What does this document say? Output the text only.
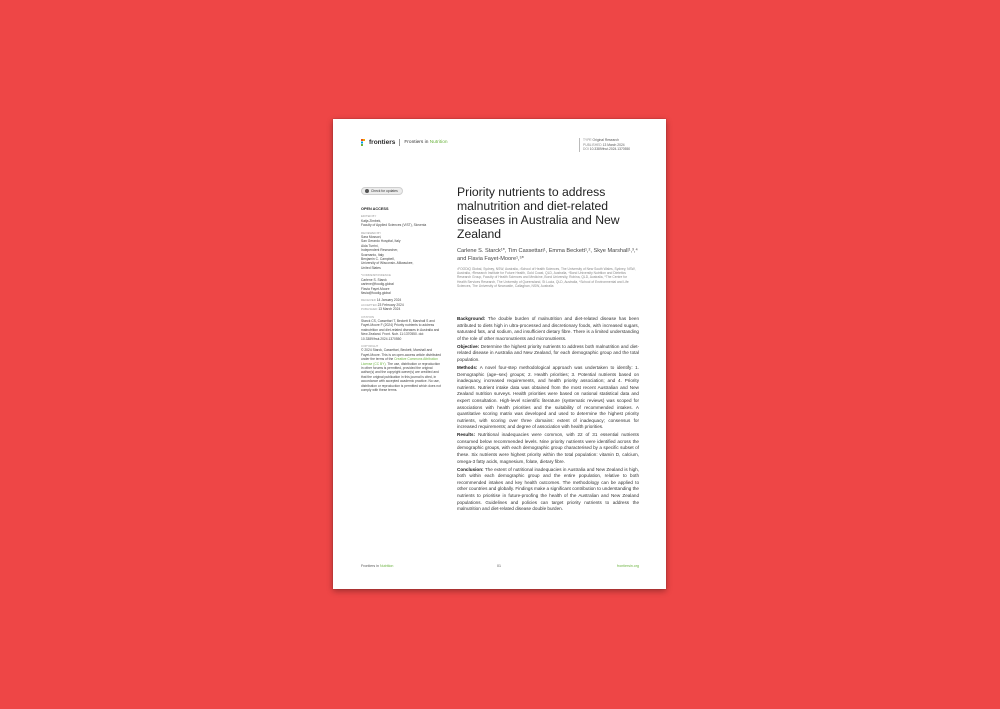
frontiers Frontiers in Nutrition	TYPE Original Research
PUBLISHED 13 March 2024
DOI 10.3389/fnut.2024.1370550
Check for updates
OPEN ACCESS
EDITED BY
Katja Zimbek,
Faculty of Applied Sciences (VIST), Slovenia
REVIEWED BY
Sara Mossori,
San Gerardo Hospital, Italy
Aida Turrini,
Independent Researcher,
Scarnanto, Italy
Benjamin C. Campbell,
University of Wisconsin–Milwaukee,
United States
*CORRESPONDENCE
Carlene S. Starck
carlene@foodig.global
Flavia Fayet-Moore
flavia@foodig.global
RECEIVED 14 January 2024
ACCEPTED 23 February 2024
PUBLISHED 13 March 2024
CITATION
Starck CS, Cassettari T, Beckett E, Marshall S and Fayet-Moore F (2024) Priority nutrients to address malnutrition and diet-related diseases in Australia and New Zealand. Front. Nutr. 11:1370550. doi: 10.3389/fnut.2024.1370550
COPYRIGHT
© 2024 Starck, Cassettari, Beckett, Marshall and Fayet-Moore. This is an open-access article distributed under the terms of the Creative Commons Attribution License (CC BY). The use, distribution or reproduction in other forums is permitted, provided the original author(s) and the copyright owner(s) are credited and that the original publication in this journal is cited, in accordance with accepted academic practice. No use, distribution or reproduction is permitted which does not comply with these terms.
Priority nutrients to address malnutrition and diet-related diseases in Australia and New Zealand
Carlene S. Starck¹*, Tim Cassettari¹, Emma Beckett¹,², Skye Marshall¹,³,⁴ and Flavia Fayet-Moore¹,⁵*
¹FOODiQ Global, Sydney, NSW, Australia, ²School of Health Sciences, The University of New South Wales, Sydney, NSW, Australia, ³Research Institute for Future Health, Gold Coast, QLD, Australia, ⁴Bond University Nutrition and Dietetics Research Group, Faculty of Health Sciences and Medicine, Bond University, Robina, QLD, Australia, ⁵The Centre for Health Services Research, The University of Queensland, St Lucia, QLD, Australia, ⁶School of Environmental and Life Sciences, The University of Newcastle, Callaghan, NSW, Australia

Background: The double burden of malnutrition and diet-related disease has been attributed to diets high in ultra-processed and discretionary foods, with increased sugars, saturated fats, and sodium, and insufficient dietary fibre. There is a limited understanding of the role of other macronutrients and micronutrients.

Objective: Determine the highest priority nutrients to address both malnutrition and diet-related disease in Australia and New Zealand, for each demographic group and the total population.

Methods: A novel four-step methodological approach was undertaken to identify: 1. Demographic (age–sex) groups; 2. Health priorities; 3. Potential nutrients based on inadequacy, increased requirements, and health priority association; and 4. Priority nutrients. Nutrient intake data was obtained from the most recent Australian and New Zealand nutrition surveys. Health priorities were based on national statistical data and expert consultation. High-level scientific literature (systematic reviews) was scoped for associations with health priorities and the suitability of recommended intakes. A quantitative scoring matrix was developed and used to determine the highest priority nutrients, with scoring over three domains: extent of inadequacy; consensus for increased requirements; and degree of association with health priorities.

Results: Nutritional inadequacies were common, with 22 of 31 essential nutrients consumed below recommended levels. Nine priority nutrients were identified across the demographic groups, with each demographic group characterised by a specific subset of these. Six nutrients were highest priority within the total population: vitamin D, calcium, omega-3 fatty acids, magnesium, folate, dietary fibre.

Conclusion: The extent of nutritional inadequacies in Australia and New Zealand is high, both within each demographic group and the entire population, relative to both recommended intakes and key health outcomes. The methodology can be applied to other countries and globally. Findings make a significant contribution to understanding the nutrients to prioritise in future-proofing the health of the Australian and New Zealand populations. Guidelines and policies can target priority nutrients to address the malnutrition and diet-related disease double burden.

Frontiers in Nutrition	01	frontiersin.org
